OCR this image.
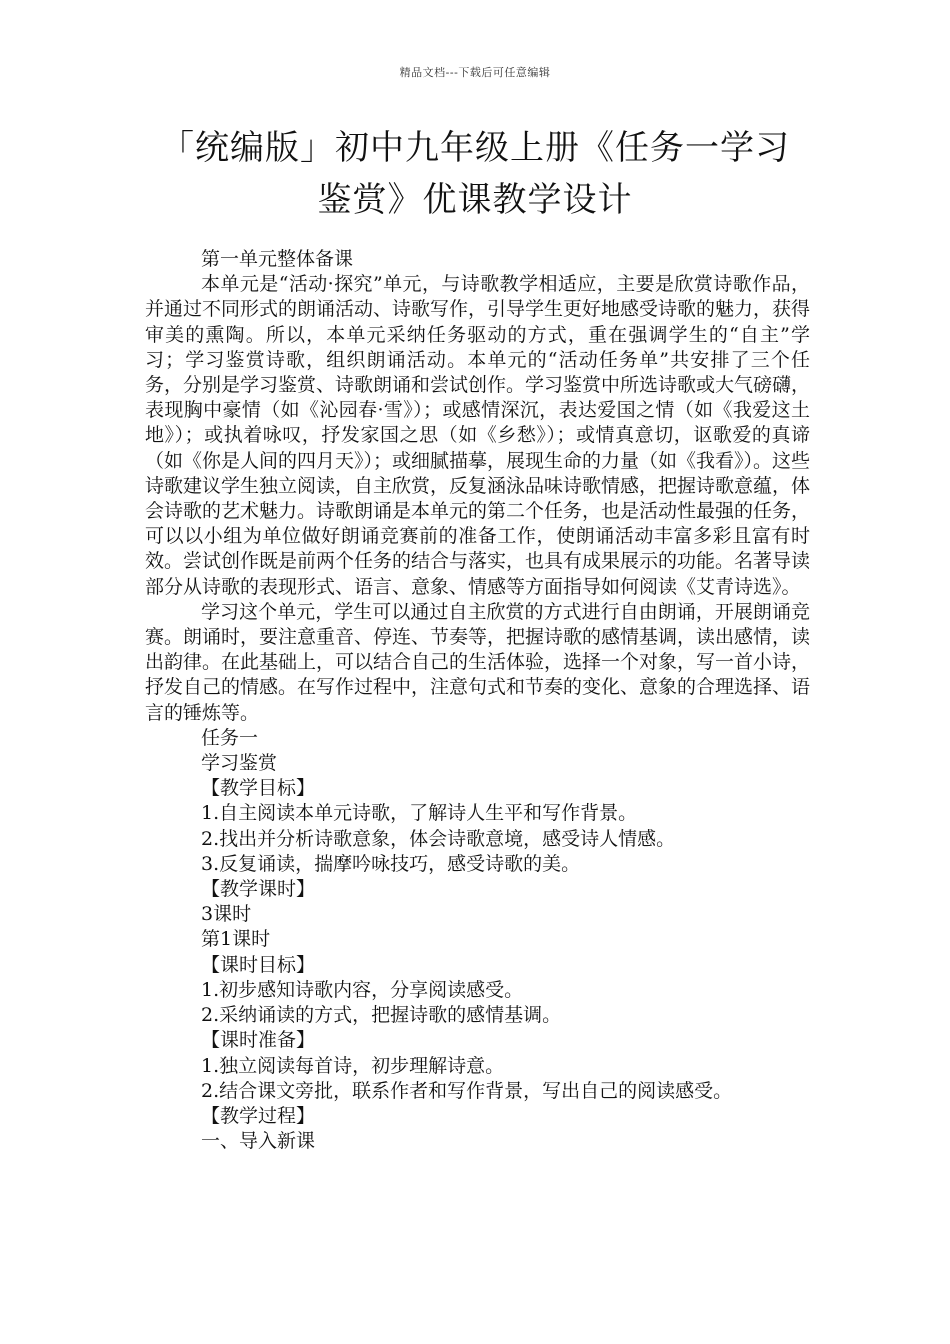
精品文档---下载后可任意编辑
「统编版」初中九年级上册《任务一学习鉴赏》优课教学设计

第一单元整体备课

本单元是“活动·探究”单元，与诗歌教学相适应，主要是欣赏诗歌作品，并通过不同形式的朗诵活动、诗歌写作，引导学生更好地感受诗歌的魅力，获得审美的熏陶。所以，本单元采纳任务驱动的方式，重在强调学生的“自主”学习；学习鉴赏诗歌，组织朗诵活动。本单元的“活动任务单”共安排了三个任务，分别是学习鉴赏、诗歌朗诵和尝试创作。学习鉴赏中所选诗歌或大气磅礴，表现胸中豪情（如《沁园春·雪》）；或感情深沉，表达爱国之情（如《我爱这土地》）；或执着咏叹，抒发家国之思（如《乡愁》）；或情真意切，讴歌爱的真谛（如《你是人间的四月天》）；或细腻描摹，展现生命的力量（如《我看》）。这些诗歌建议学生独立阅读，自主欣赏，反复涵泳品味诗歌情感，把握诗歌意蕴，体会诗歌的艺术魅力。诗歌朗诵是本单元的第二个任务，也是活动性最强的任务，可以以小组为单位做好朗诵竞赛前的准备工作，使朗诵活动丰富多彩且富有时效。尝试创作既是前两个任务的结合与落实，也具有成果展示的功能。名著导读部分从诗歌的表现形式、语言、意象、情感等方面指导如何阅读《艾青诗选》。

学习这个单元，学生可以通过自主欣赏的方式进行自由朗诵，开展朗诵竞赛。朗诵时，要注意重音、停连、节奏等，把握诗歌的感情基调，读出感情，读出韵律。在此基础上，可以结合自己的生活体验，选择一个对象，写一首小诗，抒发自己的情感。在写作过程中，注意句式和节奏的变化、意象的合理选择、语言的锤炼等。

任务一

学习鉴赏

【教学目标】

1.自主阅读本单元诗歌，了解诗人生平和写作背景。

2.找出并分析诗歌意象，体会诗歌意境，感受诗人情感。

3.反复诵读，揣摩吟咏技巧，感受诗歌的美。

【教学课时】

3课时

第1课时

【课时目标】

1.初步感知诗歌内容，分享阅读感受。

2.采纳诵读的方式，把握诗歌的感情基调。

【课时准备】

1.独立阅读每首诗，初步理解诗意。

2.结合课文旁批，联系作者和写作背景，写出自己的阅读感受。

【教学过程】

一、导入新课
